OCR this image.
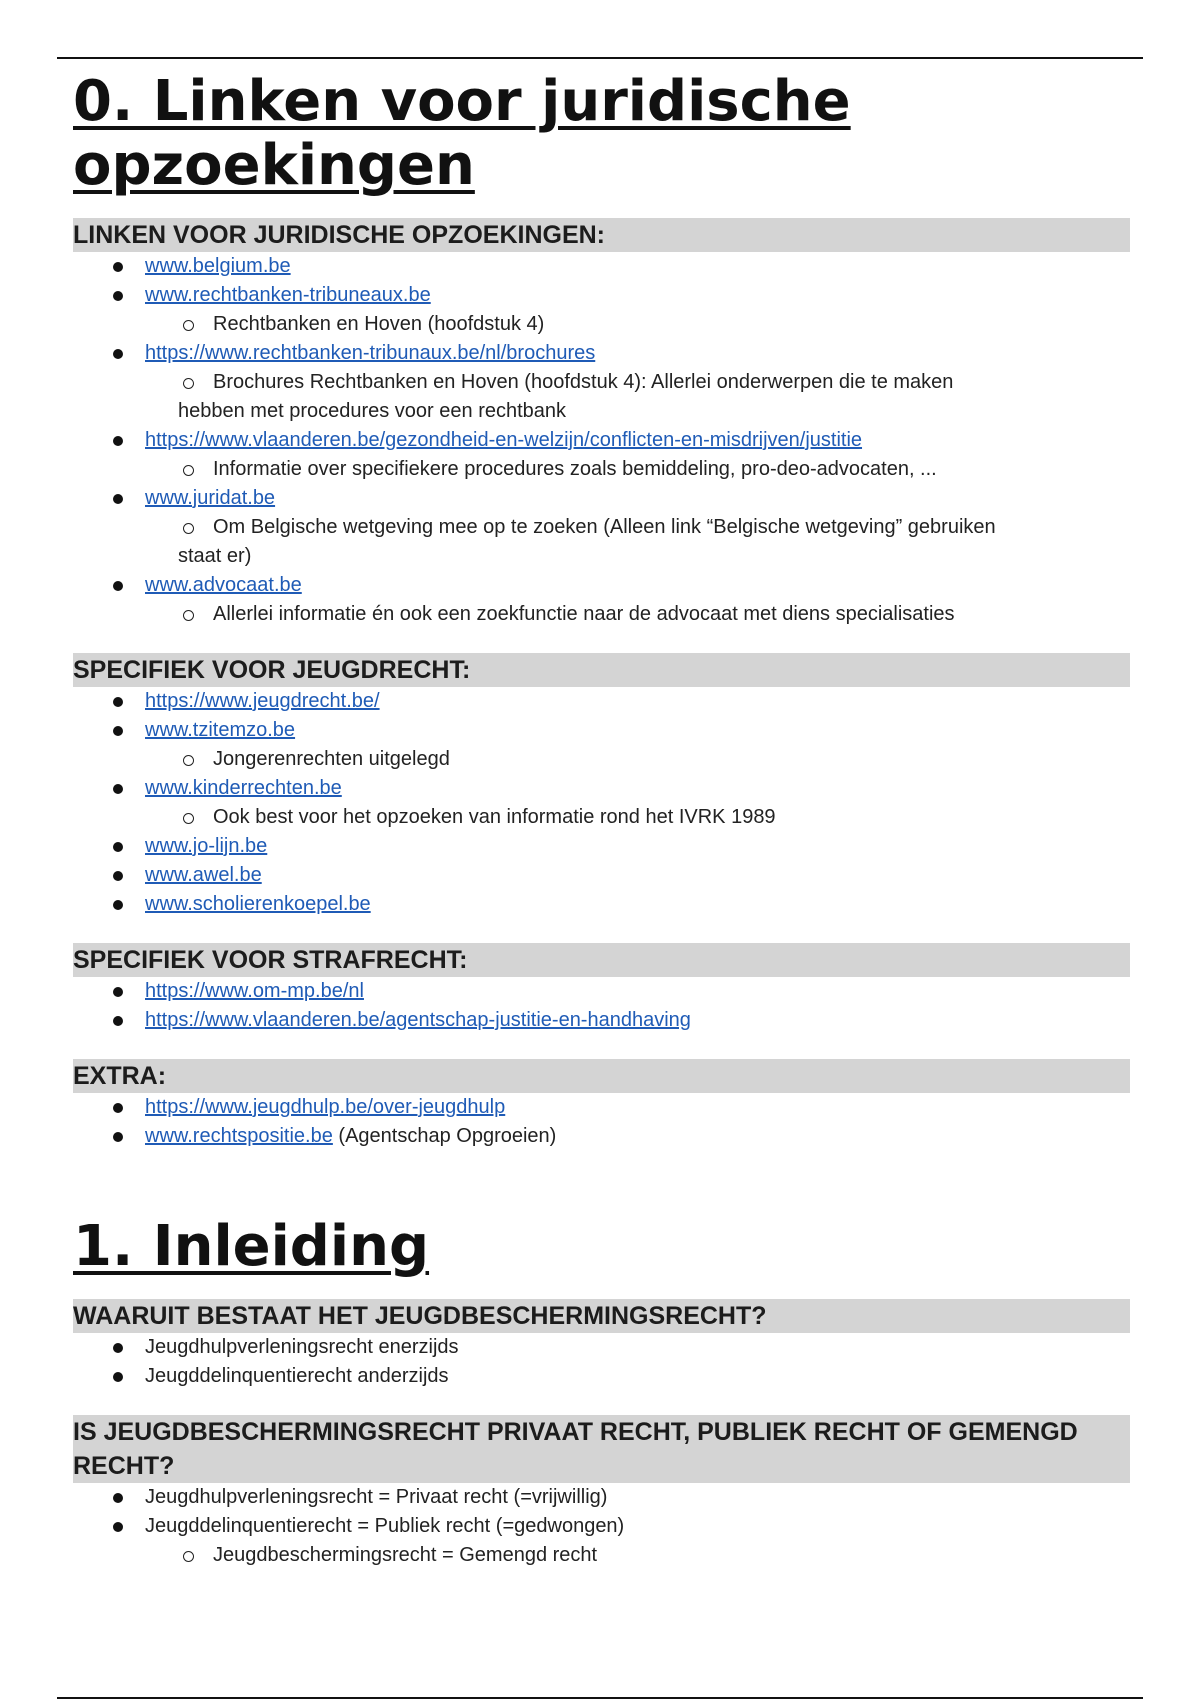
0. Linken voor juridische opzoekingen
LINKEN VOOR JURIDISCHE OPZOEKINGEN:
www.belgium.be
www.rechtbanken-tribuneaux.be
Rechtbanken en Hoven (hoofdstuk 4)
https://www.rechtbanken-tribunaux.be/nl/brochures
Brochures Rechtbanken en Hoven (hoofdstuk 4): Allerlei onderwerpen die te maken
hebben met procedures voor een rechtbank
https://www.vlaanderen.be/gezondheid-en-welzijn/conflicten-en-misdrijven/justitie
Informatie over specifiekere procedures zoals bemiddeling, pro-deo-advocaten, ...
www.juridat.be
Om Belgische wetgeving mee op te zoeken (Alleen link “Belgische wetgeving” gebruiken
staat er)
www.advocaat.be
Allerlei informatie én ook een zoekfunctie naar de advocaat met diens specialisaties
SPECIFIEK VOOR JEUGDRECHT:
https://www.jeugdrecht.be/
www.tzitemzo.be
Jongerenrechten uitgelegd
www.kinderrechten.be
Ook best voor het opzoeken van informatie rond het IVRK 1989
www.jo-lijn.be
www.awel.be
www.scholierenkoepel.be
SPECIFIEK VOOR STRAFRECHT:
https://www.om-mp.be/nl
https://www.vlaanderen.be/agentschap-justitie-en-handhaving
EXTRA:
https://www.jeugdhulp.be/over-jeugdhulp
www.rechtspositie.be (Agentschap Opgroeien)
1. Inleiding
WAARUIT BESTAAT HET JEUGDBESCHERMINGSRECHT?
Jeugdhulpverleningsrecht enerzijds
Jeugddelinquentierecht anderzijds
IS JEUGDBESCHERMINGSRECHT PRIVAAT RECHT, PUBLIEK RECHT OF GEMENGD RECHT?
Jeugdhulpverleningsrecht = Privaat recht (=vrijwillig)
Jeugddelinquentierecht = Publiek recht (=gedwongen)
Jeugdbeschermingsrecht = Gemengd recht
